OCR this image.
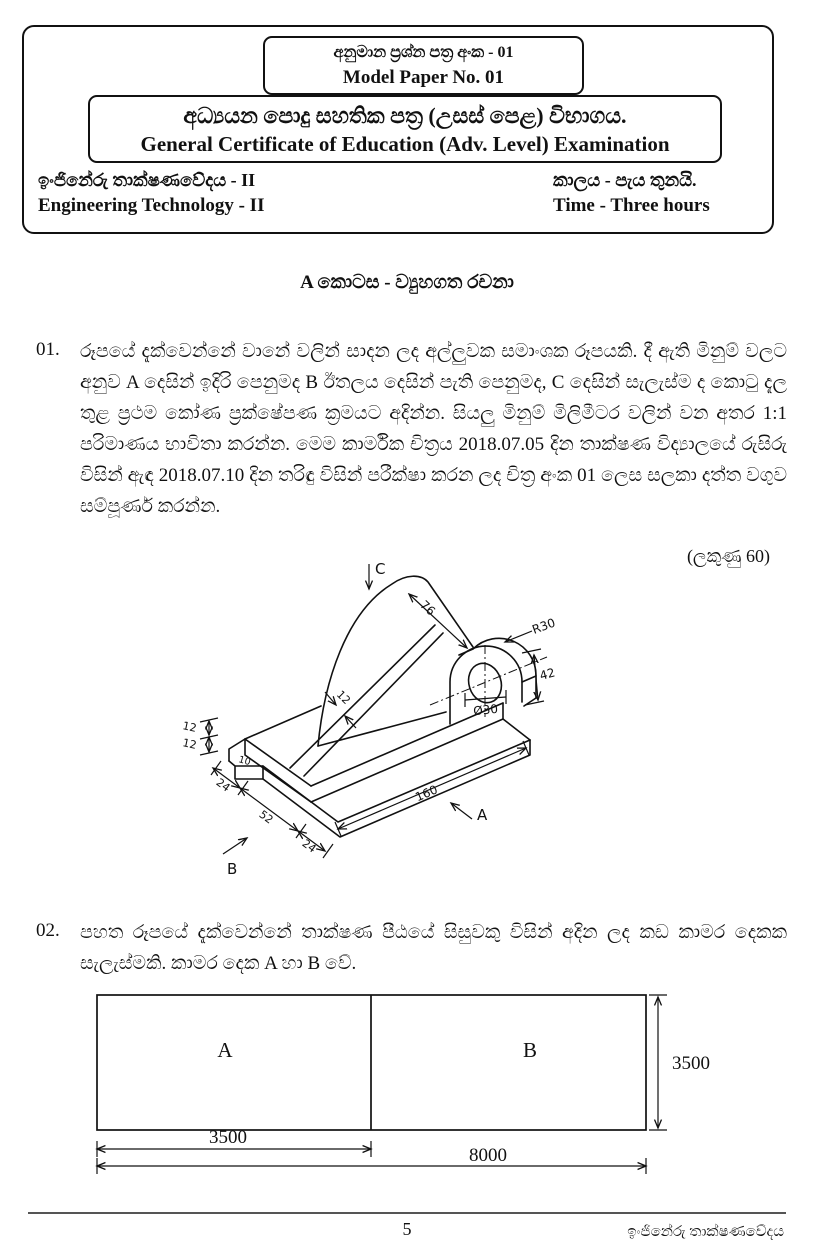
අනුමාන ප්‍රශ්න පත්‍ර අංක - 01
Model Paper No. 01
අධ්‍යයන පොදු සහතික පත්‍ර (උසස් පෙළ) විභාගය.
General Certificate of Education (Adv. Level) Examination
ඉංජිනේරු තාක්ෂණවේදය - II
Engineering Technology - II
කාලය - පැය තුනයි.
Time - Three hours
A කොටස - ව්‍යුහගත රචනා
01. රූපයේ දැක්වෙන්නේ වානේ වලින් සාදන ලද අල්ලුවක සමාංශක රූපයකි. දී ඇති මිනුම් වලට අනුව A දෙසින් ඉදිරි පෙනුමද B ඊතලය දෙසින් පැති පෙනුමද, C දෙසින් සැලැස්ම ද කොටු දැල තුළ ප්‍රථම කෝණ ප්‍රක්ෂේපණ ක්‍රමයට අදින්න. සියලු මිනුම් මිලිමීටර වලින් වන අතර 1:1 පරිමාණය භාවිතා කරන්න. මෙම කාර්මික චිත්‍රය 2018.07.05 දින තාක්ෂණ විද්‍යාලයේ රුසිරු විසින් ඇඳ 2018.07.10 දින තරිඳු විසින් පරීක්ෂා කරන ලද චිත්‍ර අංක 01 ලෙස සලකා දත්ත වගුව සම්පූර්ණ කරන්න.
(ලකුණු 60)
C
76
R30
42
Ø30
12
12
12
10
24
52
24
160
A
B
02. පහත රූපයේ දැක්වෙන්නේ තාක්ෂණ පීඨයේ සිසුවකු විසින් අදින ලද කඩ කාමර දෙකක සැලැස්මකි. කාමර දෙක A හා B වේ.
A	B
3500
3500
8000
5	ඉංජිනේරු තාක්ෂණවේදය
